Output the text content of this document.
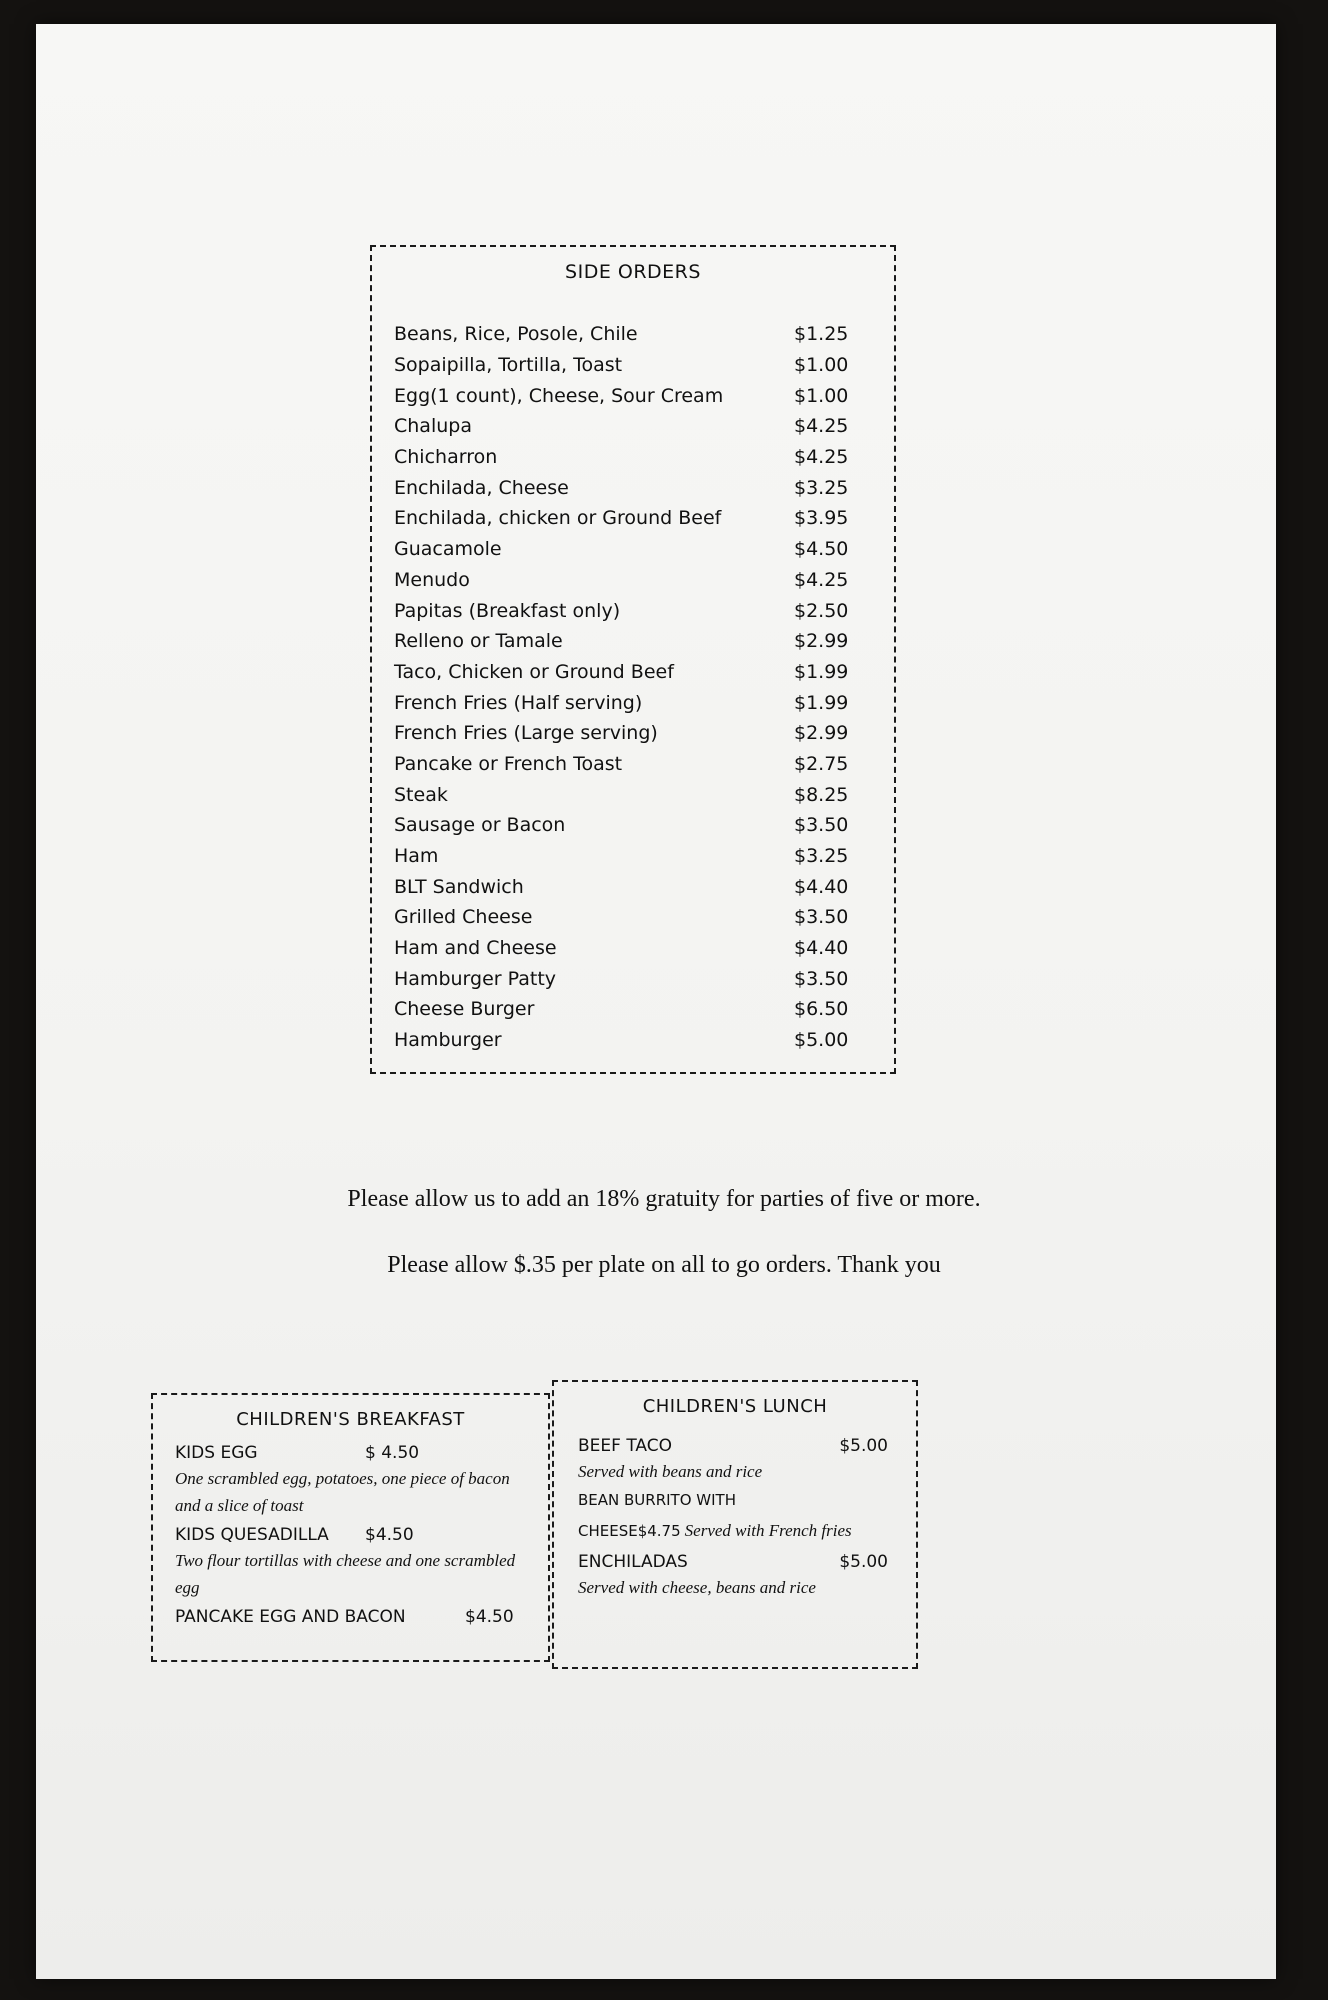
SIDE ORDERS
Beans, Rice, Posole, Chile	$1.25
Sopaipilla, Tortilla, Toast	$1.00
Egg(1 count), Cheese, Sour Cream	$1.00
Chalupa	$4.25
Chicharron	$4.25
Enchilada, Cheese	$3.25
Enchilada, chicken or Ground Beef	$3.95
Guacamole	$4.50
Menudo	$4.25
Papitas (Breakfast only)	$2.50
Relleno or Tamale	$2.99
Taco, Chicken or Ground Beef	$1.99
French Fries (Half serving)	$1.99
French Fries (Large serving)	$2.99
Pancake or French Toast	$2.75
Steak	$8.25
Sausage or Bacon	$3.50
Ham	$3.25
BLT Sandwich	$4.40
Grilled Cheese	$3.50
Ham and Cheese	$4.40
Hamburger Patty	$3.50
Cheese Burger	$6.50
Hamburger	$5.00
Please allow us to add an 18% gratuity for parties of five or more.
Please allow $.35 per plate on all to go orders. Thank you
CHILDREN'S BREAKFAST
KIDS EGG	$ 4.50
One scrambled egg, potatoes, one piece of bacon and a slice of toast
KIDS QUESADILLA	$4.50
Two flour tortillas with cheese and one scrambled egg
PANCAKE EGG AND BACON	$4.50
CHILDREN'S LUNCH
BEEF TACO	$5.00
Served with beans and rice
BEAN BURRITO WITH
CHEESE$4.75 Served with French fries
ENCHILADAS	$5.00
Served with cheese, beans and rice
